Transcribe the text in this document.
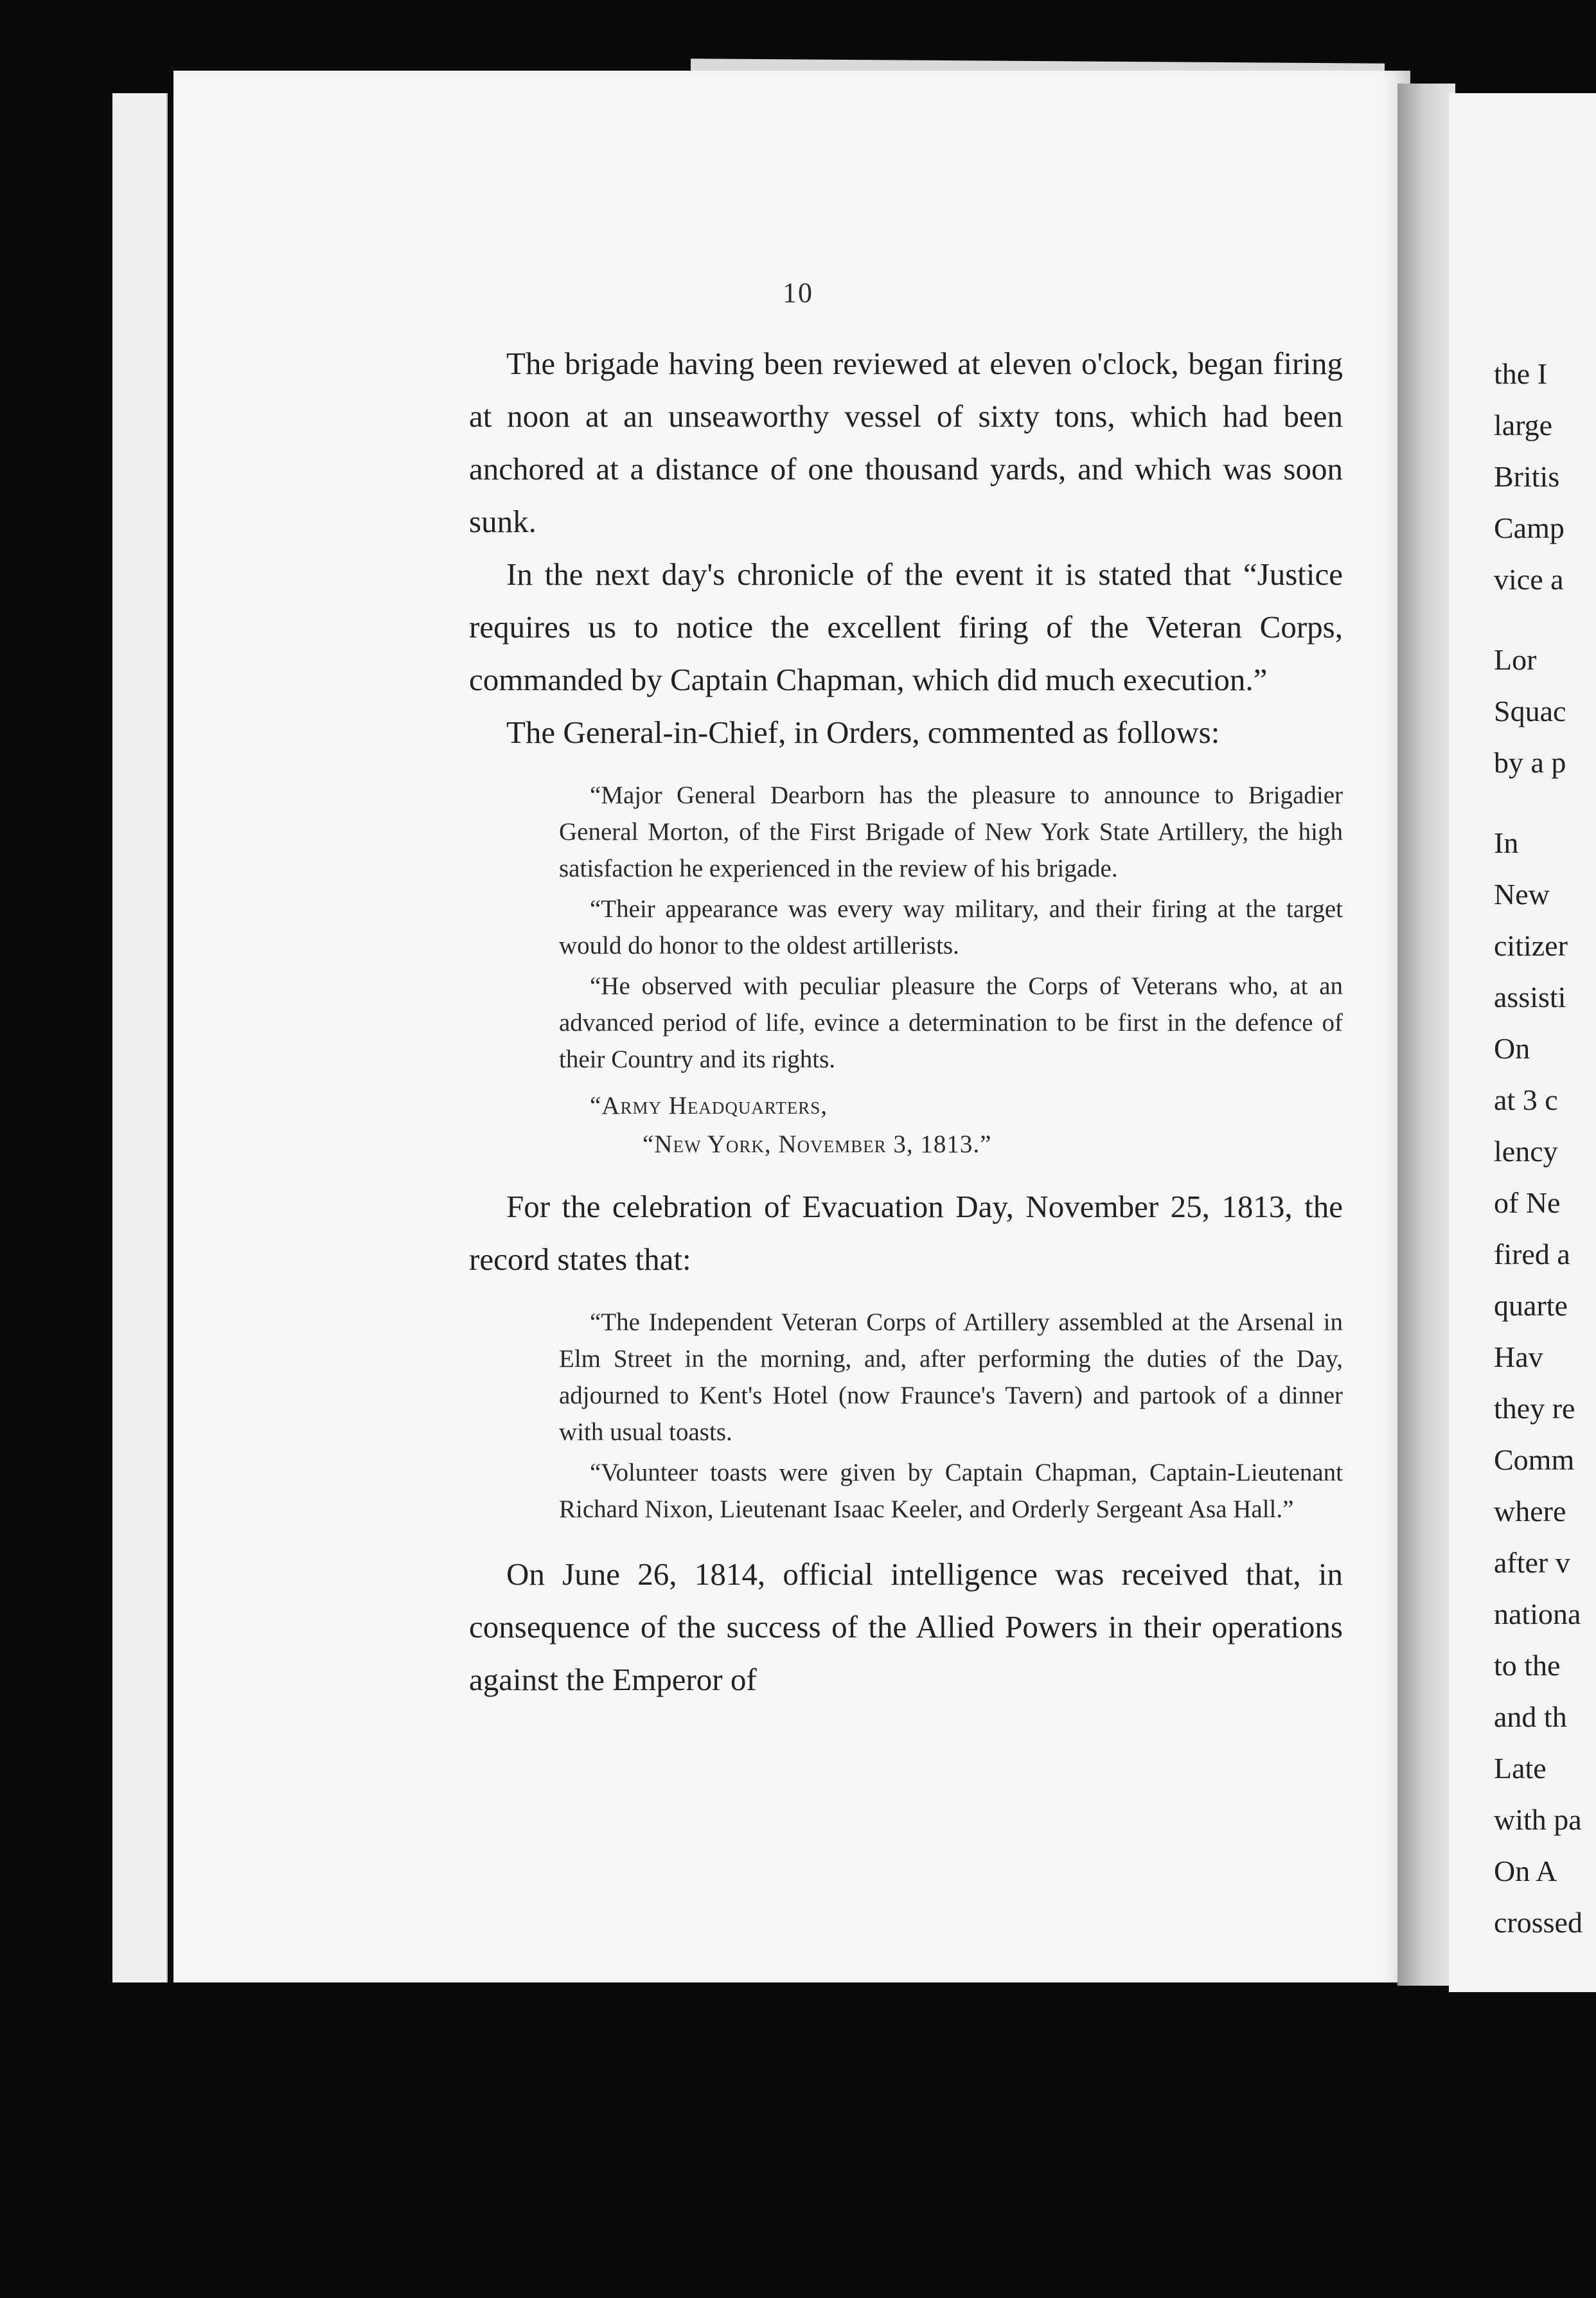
the I
large
Britis
Camp
vice a
Lor
Squac
by a p
In
New
citizer
assisti
On
at 3 c
lency
of Ne
fired a
quarte
Hav
they re
Comm
where
after v
nationa
to the
and th
Late
with pa
On A
crossed
10

The brigade having been reviewed at eleven o'clock, began firing at noon at an unseaworthy vessel of sixty tons, which had been anchored at a distance of one thousand yards, and which was soon sunk.

In the next day's chronicle of the event it is stated that “Justice requires us to notice the excellent firing of the Veteran Corps, commanded by Captain Chapman, which did much execution.”

The General-in-Chief, in Orders, commented as follows:

“Major General Dearborn has the pleasure to announce to Brigadier General Morton, of the First Brigade of New York State Artillery, the high satisfaction he experienced in the review of his brigade.

“Their appearance was every way military, and their firing at the target would do honor to the oldest artillerists.

“He observed with peculiar pleasure the Corps of Veterans who, at an advanced period of life, evince a determination to be first in the defence of their Country and its rights.

“Army Headquarters,
“New York, November 3, 1813.”

For the celebration of Evacuation Day, November 25, 1813, the record states that:

“The Independent Veteran Corps of Artillery assembled at the Arsenal in Elm Street in the morning, and, after performing the duties of the Day, adjourned to Kent's Hotel (now Fraunce's Tavern) and partook of a dinner with usual toasts.

“Volunteer toasts were given by Captain Chapman, Captain-Lieutenant Richard Nixon, Lieutenant Isaac Keeler, and Orderly Sergeant Asa Hall.”

On June 26, 1814, official intelligence was received that, in consequence of the success of the Allied Powers in their operations against the Emperor of
